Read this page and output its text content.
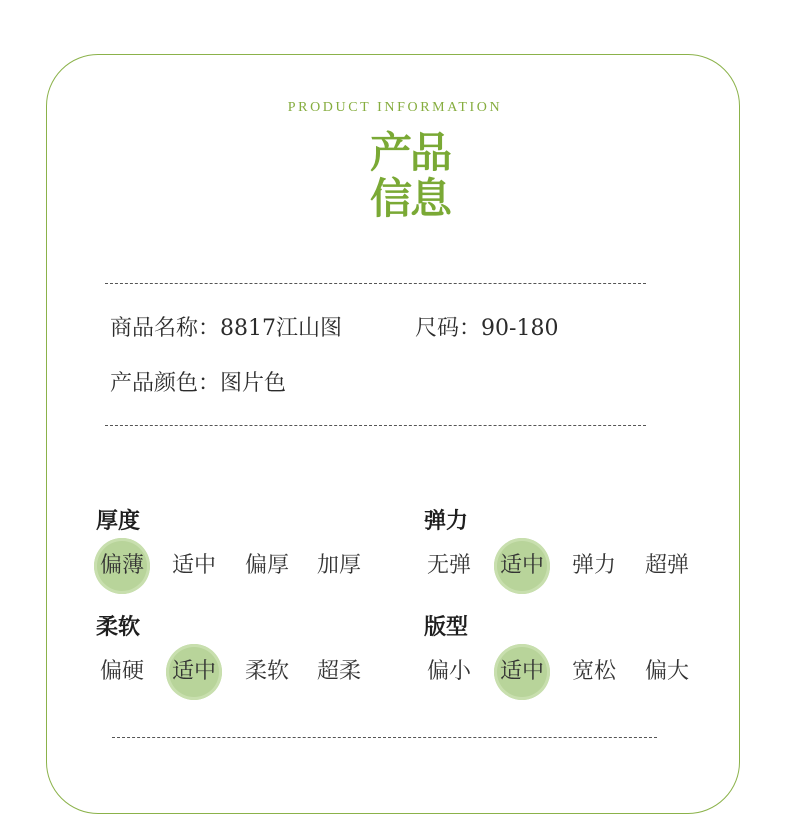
PRODUCT INFORMATION
产品
信息
商品名称：8817江山图	尺码：90-180
产品颜色：图片色
厚度
偏薄 适中 偏厚 加厚
弹力
无弹 适中 弹力 超弹
柔软
偏硬 适中 柔软 超柔
版型
偏小 适中 宽松 偏大
